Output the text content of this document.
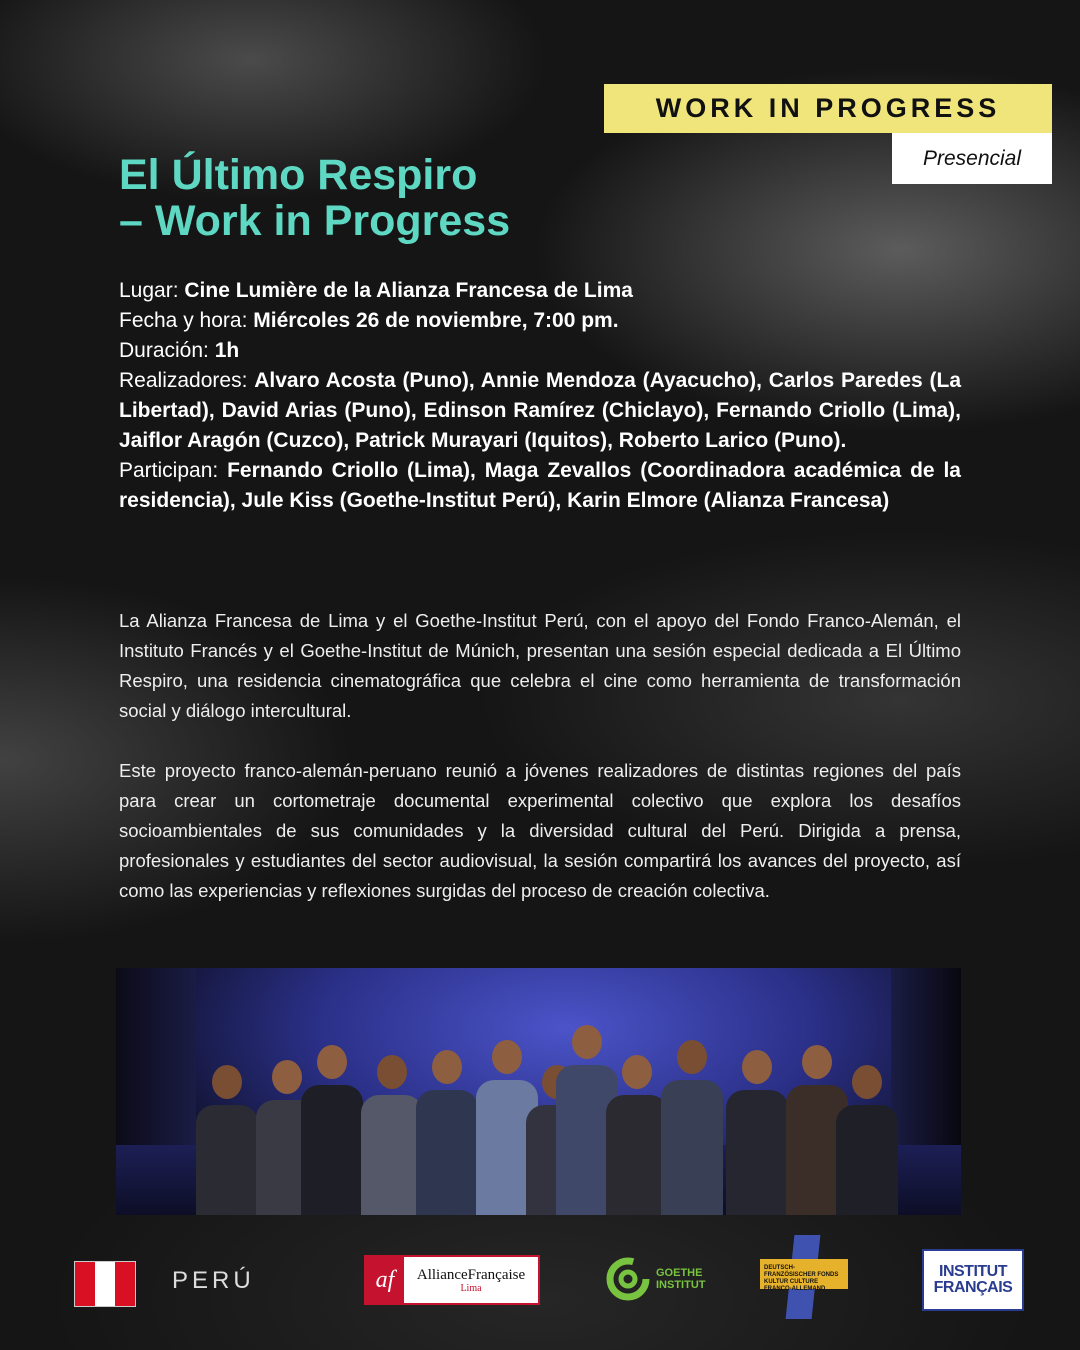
WORK IN PROGRESS
Presencial
El Último Respiro
– Work in Progress

Lugar: Cine Lumière de la Alianza Francesa de Lima

Fecha y hora: Miércoles 26 de noviembre, 7:00 pm.

Duración: 1h

Realizadores: Alvaro Acosta (Puno), Annie Mendoza (Ayacucho), Carlos Paredes (La Libertad), David Arias (Puno), Edinson Ramírez (Chiclayo), Fernando Criollo (Lima), Jaiflor Aragón (Cuzco), Patrick Murayari (Iquitos), Roberto Larico (Puno).

Participan: Fernando Criollo (Lima), Maga Zevallos (Coordinadora académica de la residencia), Jule Kiss (Goethe-Institut Perú), Karin Elmore (Alianza Francesa)

La Alianza Francesa de Lima y el Goethe-Institut Perú, con el apoyo del Fondo Franco-Alemán, el Instituto Francés y el Goethe-Institut de Múnich, presentan una sesión especial dedicada a El Último Respiro, una residencia cinematográfica que celebra el cine como herramienta de transformación social y diálogo intercultural.
Este proyecto franco-alemán-peruano reunió a jóvenes realizadores de distintas regiones del país para crear un cortometraje documental experimental colectivo que explora los desafíos socioambientales de sus comunidades y la diversidad cultural del Perú. Dirigida a prensa, profesionales y estudiantes del sector audiovisual, la sesión compartirá los avances del proyecto, así como las experiencias y reflexiones surgidas del proceso de creación colectiva.
PERÚ	af	AllianceFrançaise
Lima
GOETHE
INSTITUT
DEUTSCH-FRANZÖSISCHER FONDS KULTUR CULTURE FRANCO-ALLEMAND
INSTITUT
FRANÇAIS
